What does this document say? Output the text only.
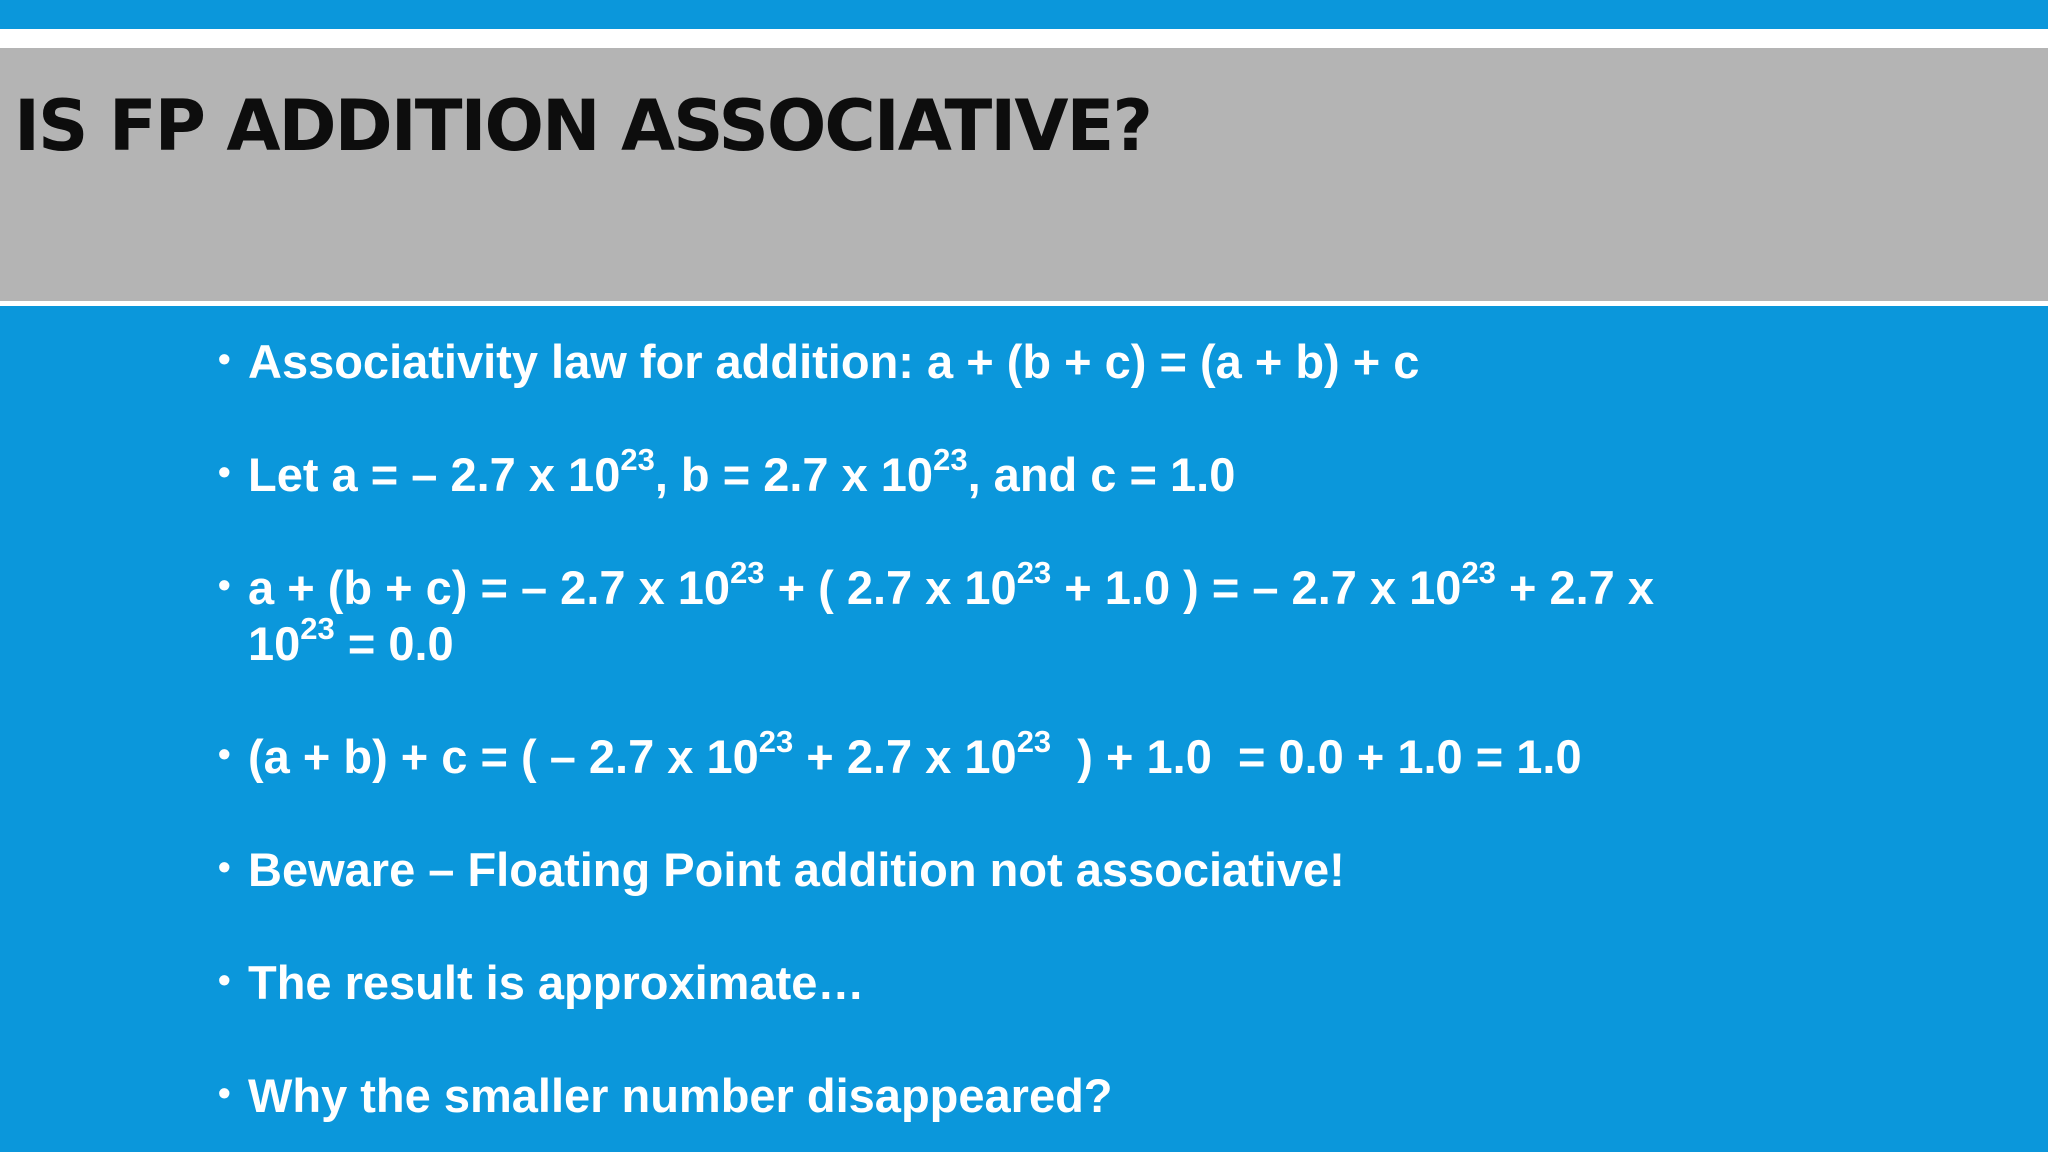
IS FP ADDITION ASSOCIATIVE?
• Associativity law for addition: a + (b + c) = (a + b) + c
• Let a = – 2.7 x $10^{23}$, b = 2.7 x $10^{23}$, and c = 1.0
• a + (b + c) = – 2.7 x $10^{23}$ + ( 2.7 x $10^{23} + 1.0$ ) = – 2.7 x $10^{23} + 2.7$ x
$10^{23} = 0.0$
• (a + b) + c = ( – 2.7 x $10^{23} + 2.7$ x $10^{23}$  ) + 1.0  = 0.0 + 1.0 = 1.0
• Beware – Floating Point addition not associative!
• The result is approximate…
• Why the smaller number disappeared?
